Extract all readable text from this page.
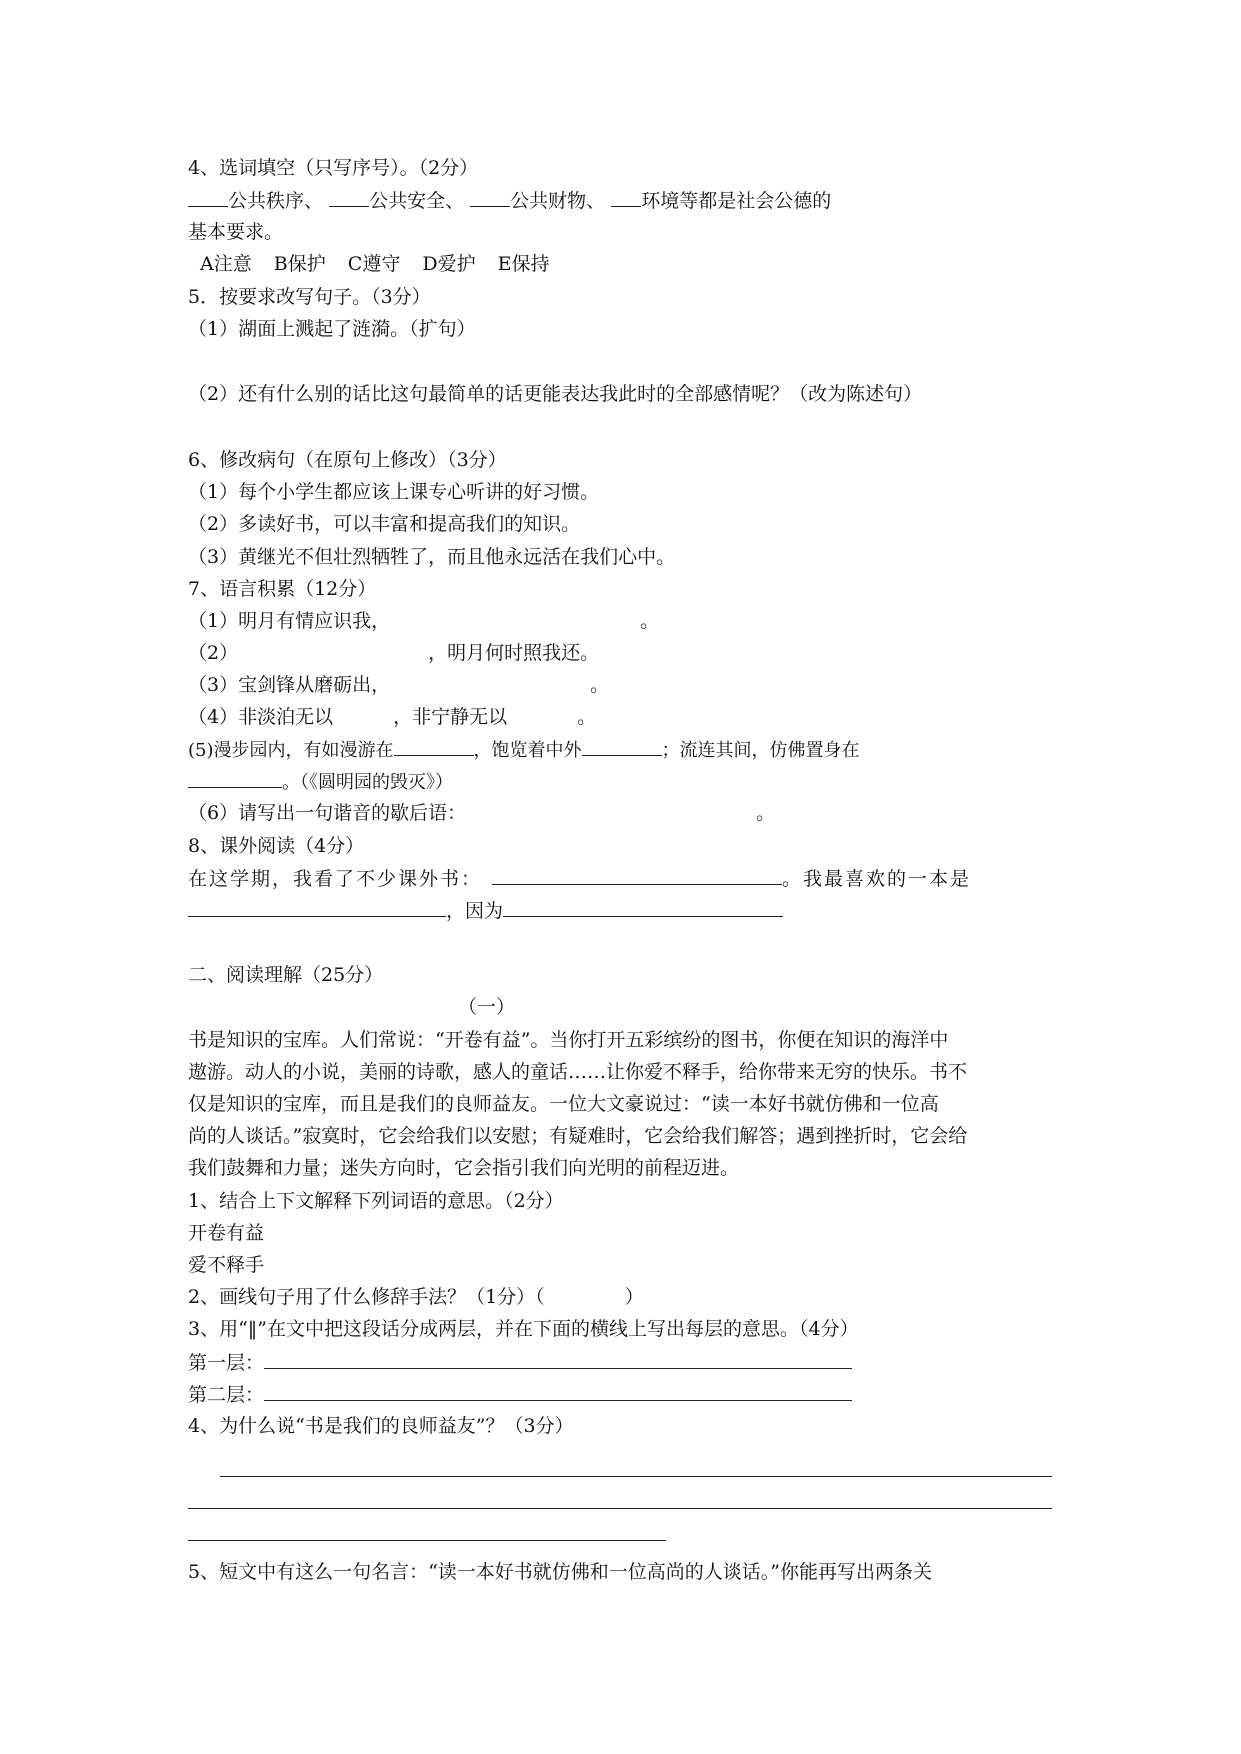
4、选词填空（只写序号）。（2分）
公共秩序、 公共安全、 公共财物、 环境等都是社会公德的
基本要求。
A注意 B保护 C遵守 D爱护 E保持
5．按要求改写句子。（3分）
（1）湖面上溅起了涟漪。（扩句）
（2）还有什么别的话比这句最简单的话更能表达我此时的全部感情呢？（改为陈述句）
6、修改病句（在原句上修改）（3分）
（1）每个小学生都应该上课专心听讲的好习惯。
（2）多读好书，可以丰富和提高我们的知识。
（3）黄继光不但壮烈牺牲了，而且他永远活在我们心中。
7、语言积累（12分）
（1）明月有情应识我，	。
（2）	，明月何时照我还。
（3）宝剑锋从磨砺出，	。
（4）非淡泊无以	，非宁静无以	。
(5)漫步园内，有如漫游在	，饱览着中外	；流连其间，仿佛置身在
。（《圆明园的毁灭》）
（6）请写出一句谐音的歇后语：	。
8、课外阅读（4分）
在这学期，我看了不少课外书：	。我最喜欢的一本是
，因为
二、阅读理解（25分）
（一）
书是知识的宝库。人们常说：“开卷有益”。当你打开五彩缤纷的图书，你便在知识的海洋中
遨游。动人的小说，美丽的诗歌，感人的童话……让你爱不释手，给你带来无穷的快乐。书不
仅是知识的宝库，而且是我们的良师益友。一位大文豪说过：“读一本好书就仿佛和一位高
尚的人谈话。”寂寞时，它会给我们以安慰；有疑难时，它会给我们解答；遇到挫折时，它会给
我们鼓舞和力量；迷失方向时，它会指引我们向光明的前程迈进。
1、结合上下文解释下列词语的意思。（2分）
开卷有益
爱不释手
2、画线句子用了什么修辞手法？（1分）（	）
3、用“‖”在文中把这段话分成两层，并在下面的横线上写出每层的意思。（4分）
第一层：
第二层：
4、为什么说“书是我们的良师益友”？（3分）
5、短文中有这么一句名言：“读一本好书就仿佛和一位高尚的人谈话。”你能再写出两条关
